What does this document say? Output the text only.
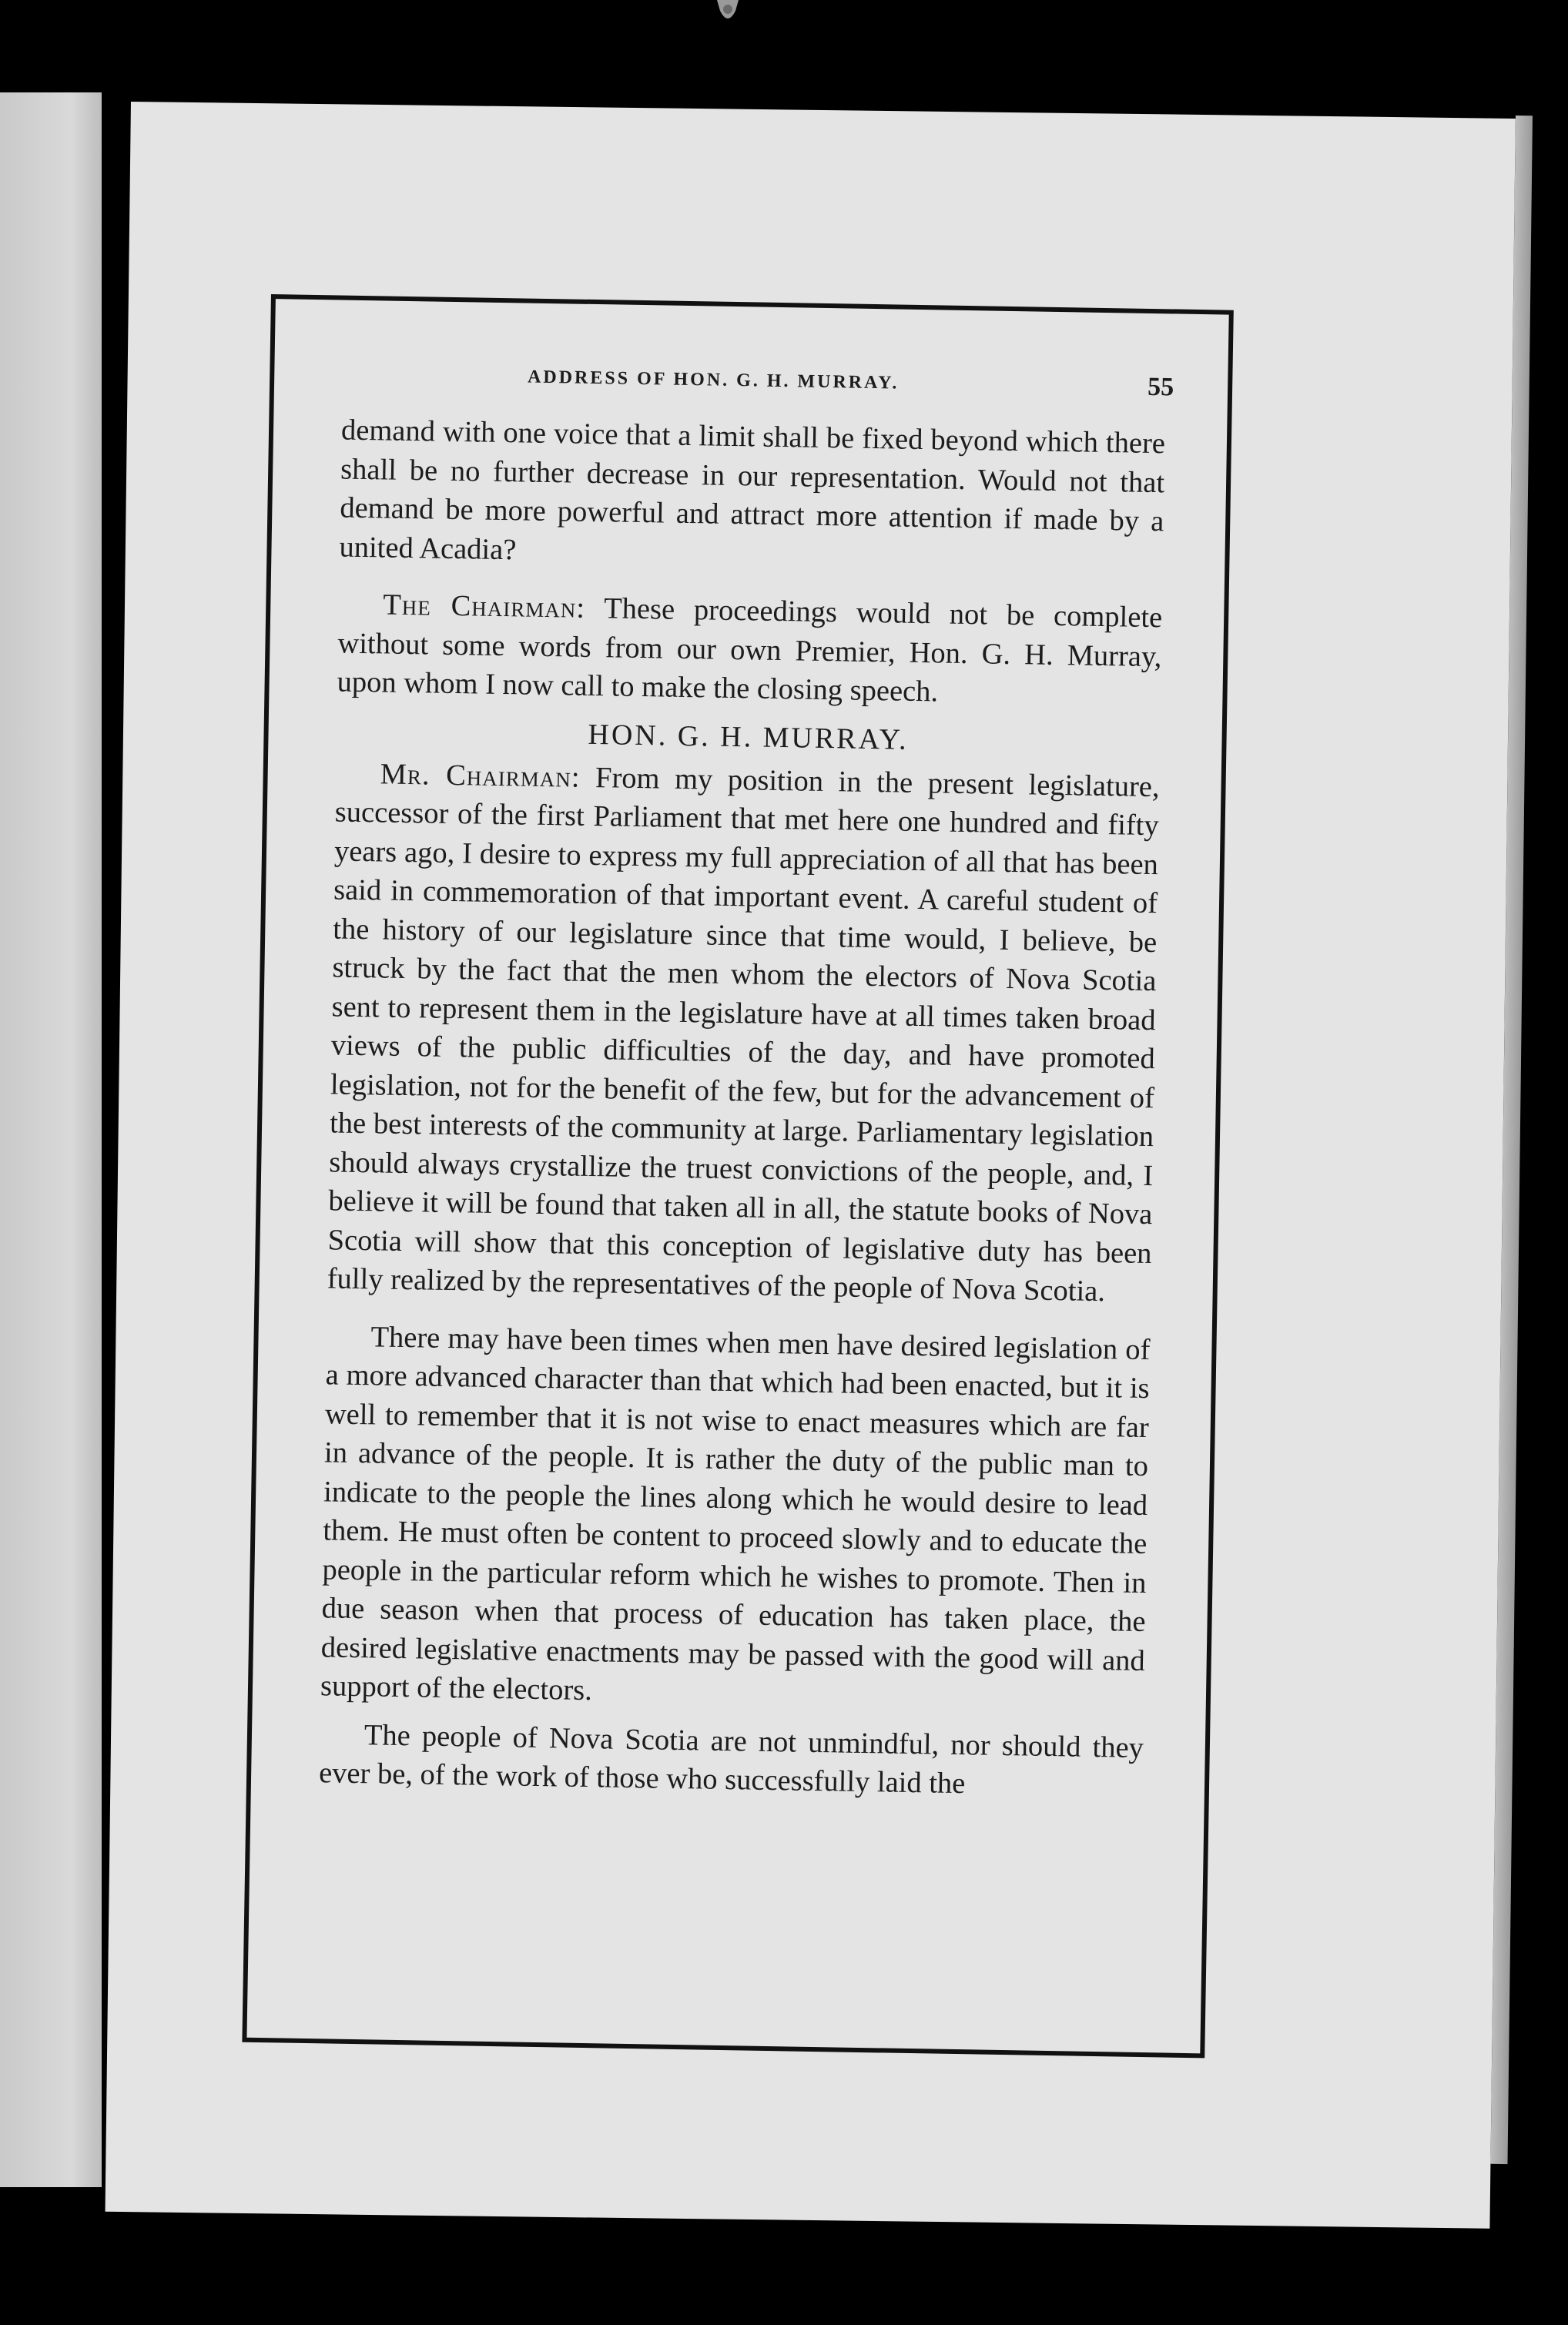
ADDRESS OF HON. G. H. MURRAY.	55

demand with one voice that a limit shall be fixed beyond which there shall be no further decrease in our representation. Would not that demand be more powerful and attract more attention if made by a united Acadia?

The Chairman: These proceedings would not be complete without some words from our own Premier, Hon. G. H. Murray, upon whom I now call to make the closing speech.

HON. G. H. MURRAY.

Mr. Chairman: From my position in the present legislature, successor of the first Parliament that met here one hundred and fifty years ago, I desire to express my full appreciation of all that has been said in commemoration of that important event. A careful student of the history of our legislature since that time would, I believe, be struck by the fact that the men whom the electors of Nova Scotia sent to represent them in the legislature have at all times taken broad views of the public difficulties of the day, and have promoted legislation, not for the benefit of the few, but for the advancement of the best interests of the community at large. Parliamentary legislation should always crystallize the truest convictions of the people, and, I believe it will be found that taken all in all, the statute books of Nova Scotia will show that this conception of legislative duty has been fully realized by the representatives of the people of Nova Scotia.

There may have been times when men have desired legislation of a more advanced character than that which had been enacted, but it is well to remember that it is not wise to enact measures which are far in advance of the people. It is rather the duty of the public man to indicate to the people the lines along which he would desire to lead them. He must often be content to proceed slowly and to educate the people in the particular reform which he wishes to promote. Then in due season when that process of education has taken place, the desired legislative enactments may be passed with the good will and support of the electors.

The people of Nova Scotia are not unmindful, nor should they ever be, of the work of those who successfully laid the
